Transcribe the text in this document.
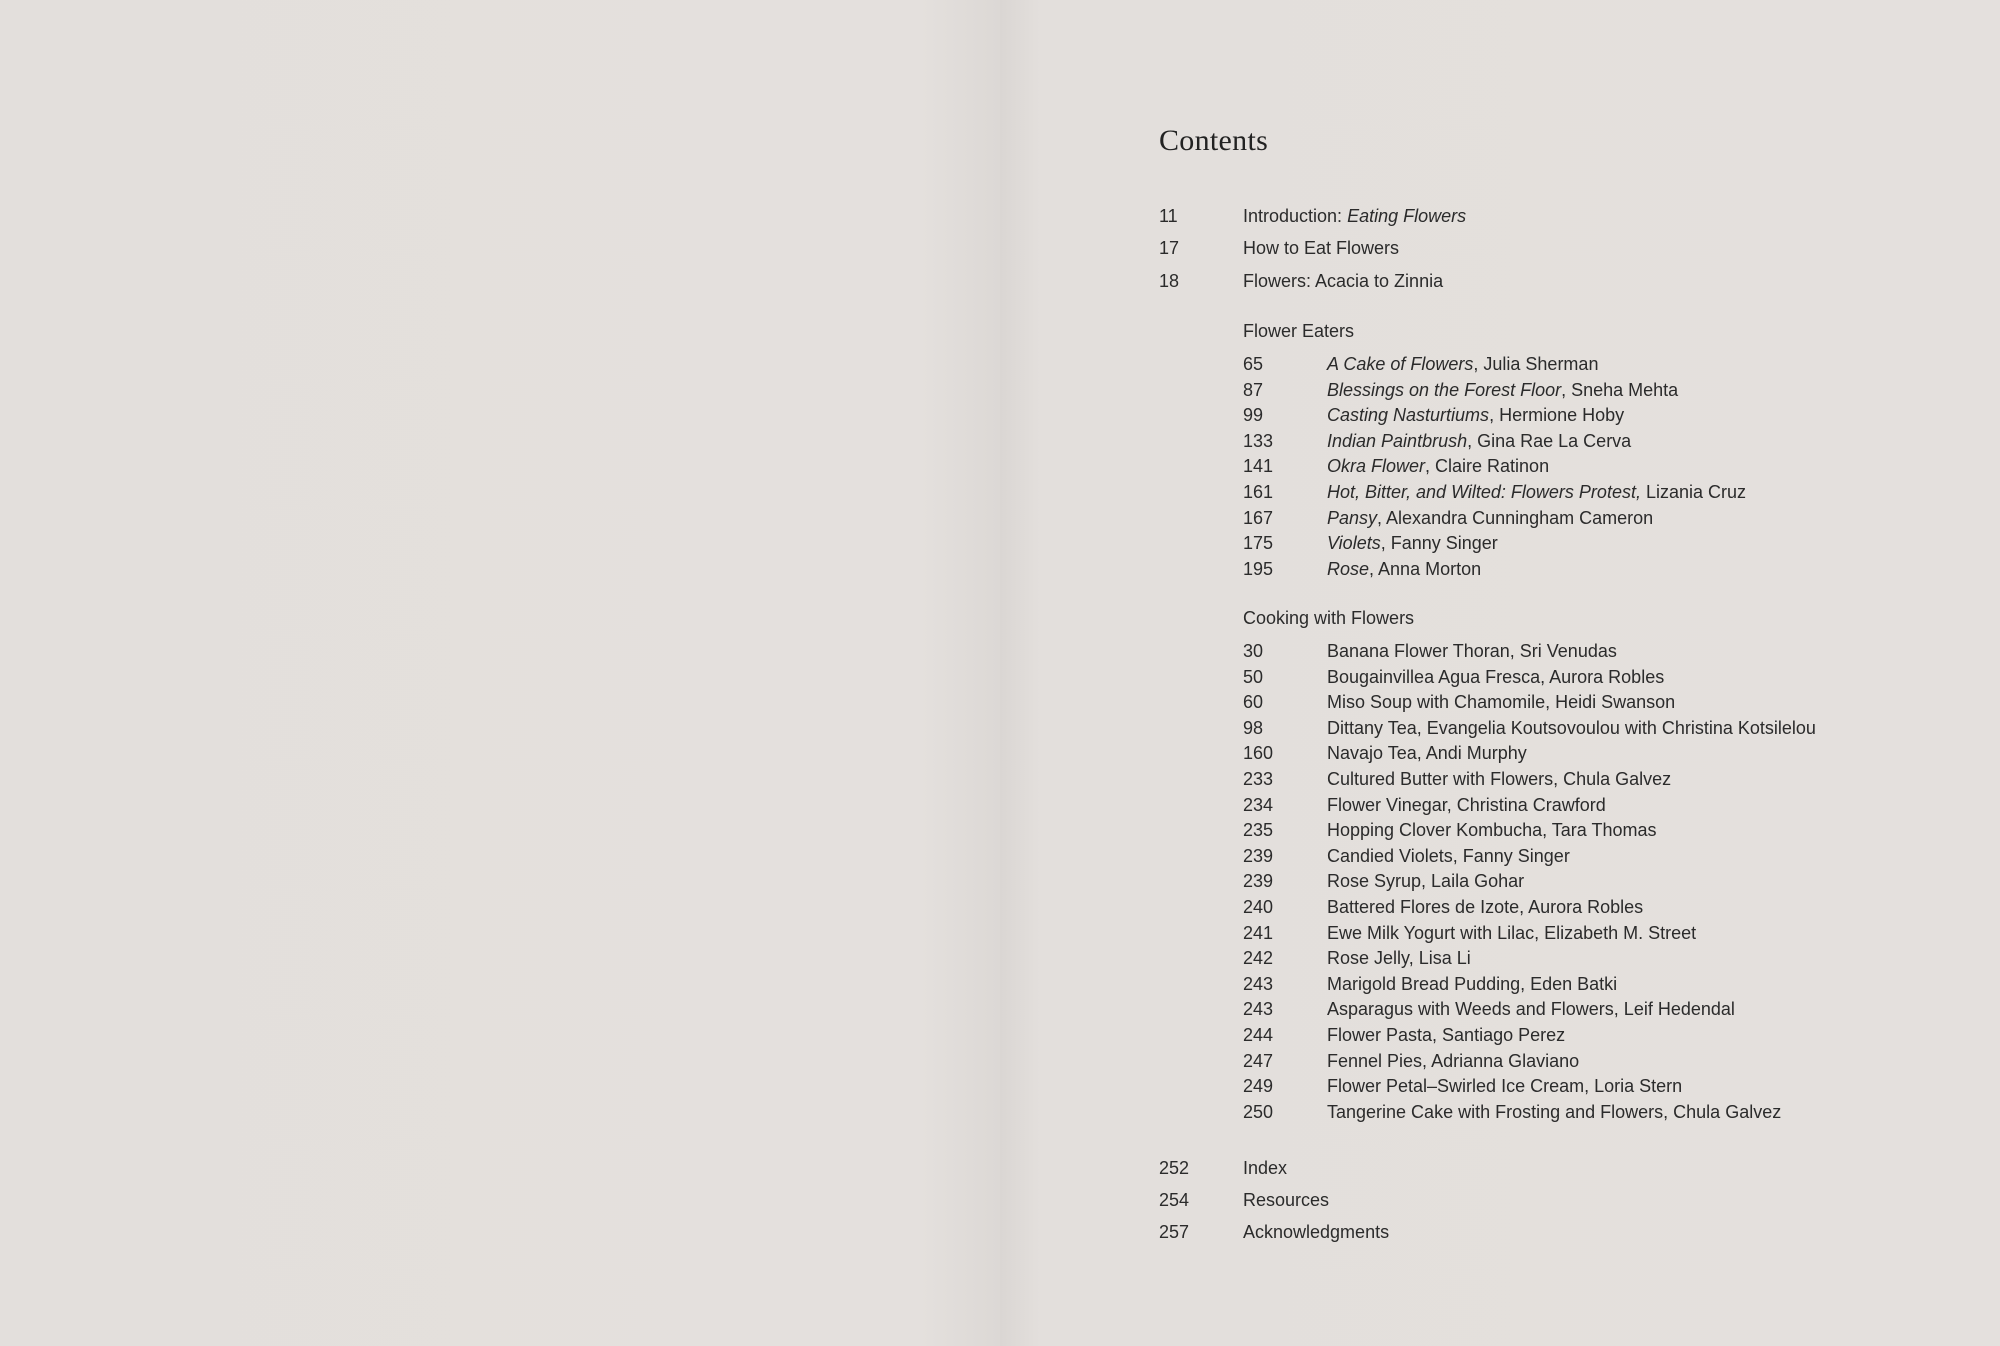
Contents
11	Introduction: Eating Flowers
17	How to Eat Flowers
18	Flowers: Acacia to Zinnia
Flower Eaters
65	A Cake of Flowers, Julia Sherman
87	Blessings on the Forest Floor, Sneha Mehta
99	Casting Nasturtiums, Hermione Hoby
133	Indian Paintbrush, Gina Rae La Cerva
141	Okra Flower, Claire Ratinon
161	Hot, Bitter, and Wilted: Flowers Protest, Lizania Cruz
167	Pansy, Alexandra Cunningham Cameron
175	Violets, Fanny Singer
195	Rose, Anna Morton
Cooking with Flowers
30	Banana Flower Thoran, Sri Venudas
50	Bougainvillea Agua Fresca, Aurora Robles
60	Miso Soup with Chamomile, Heidi Swanson
98	Dittany Tea, Evangelia Koutsovoulou with Christina Kotsilelou
160	Navajo Tea, Andi Murphy
233	Cultured Butter with Flowers, Chula Galvez
234	Flower Vinegar, Christina Crawford
235	Hopping Clover Kombucha, Tara Thomas
239	Candied Violets, Fanny Singer
239	Rose Syrup, Laila Gohar
240	Battered Flores de Izote, Aurora Robles
241	Ewe Milk Yogurt with Lilac, Elizabeth M. Street
242	Rose Jelly, Lisa Li
243	Marigold Bread Pudding, Eden Batki
243	Asparagus with Weeds and Flowers, Leif Hedendal
244	Flower Pasta, Santiago Perez
247	Fennel Pies, Adrianna Glaviano
249	Flower Petal–Swirled Ice Cream, Loria Stern
250	Tangerine Cake with Frosting and Flowers, Chula Galvez
252	Index
254	Resources
257	Acknowledgments
